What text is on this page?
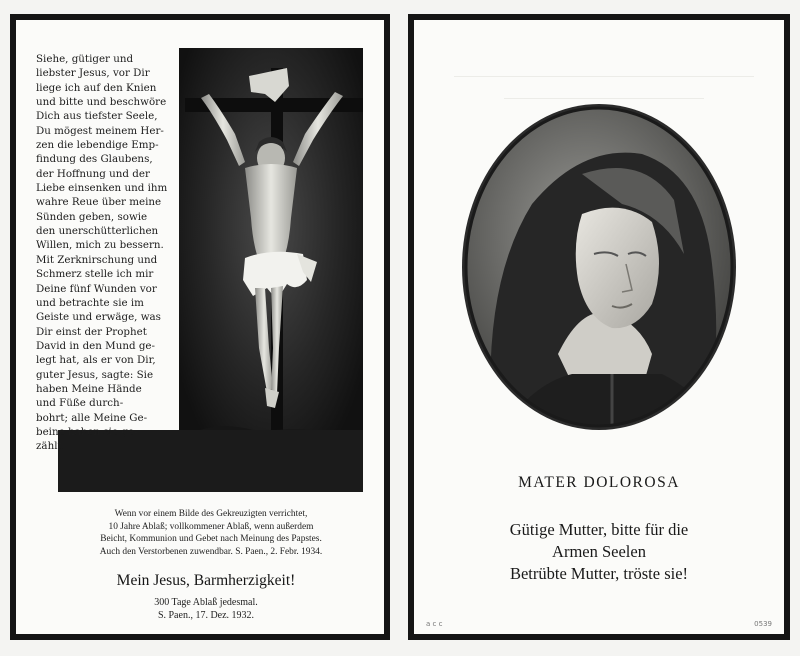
Siehe, gütiger und
liebster Jesus, vor Dir
liege ich auf den Knien
und bitte und beschwöre
Dich aus tiefster Seele,
Du mögest meinem Her-
zen die lebendige Emp-
findung des Glaubens,
der Hoffnung und der
Liebe einsenken und ihm
wahre Reue über meine
Sünden geben, sowie
den unerschütterlichen
Willen, mich zu bessern.
Mit Zerknirschung und
Schmerz stelle ich mir
Deine fünf Wunden vor
und betrachte sie im
Geiste und erwäge, was
Dir einst der Prophet
David in den Mund ge-
legt hat, als er von Dir,
guter Jesus, sagte: Sie
haben Meine Hände
und Füße durch-
bohrt; alle Meine Ge-
beine haben sie ge-
zählt.
Wenn vor einem Bilde des Gekreuzigten verrichtet,
10 Jahre Ablaß; vollkommener Ablaß, wenn außerdem
Beicht, Kommunion und Gebet nach Meinung des Papstes.
Auch den Verstorbenen zuwendbar. S. Paen., 2. Febr. 1934.
Mein Jesus, Barmherzigkeit!
300 Tage Ablaß jedesmal.
S. Paen., 17. Dez. 1932.
MATER DOLOROSA
Gütige Mutter, bitte für die
Armen Seelen
Betrübte Mutter, tröste sie!
a c c	0539
